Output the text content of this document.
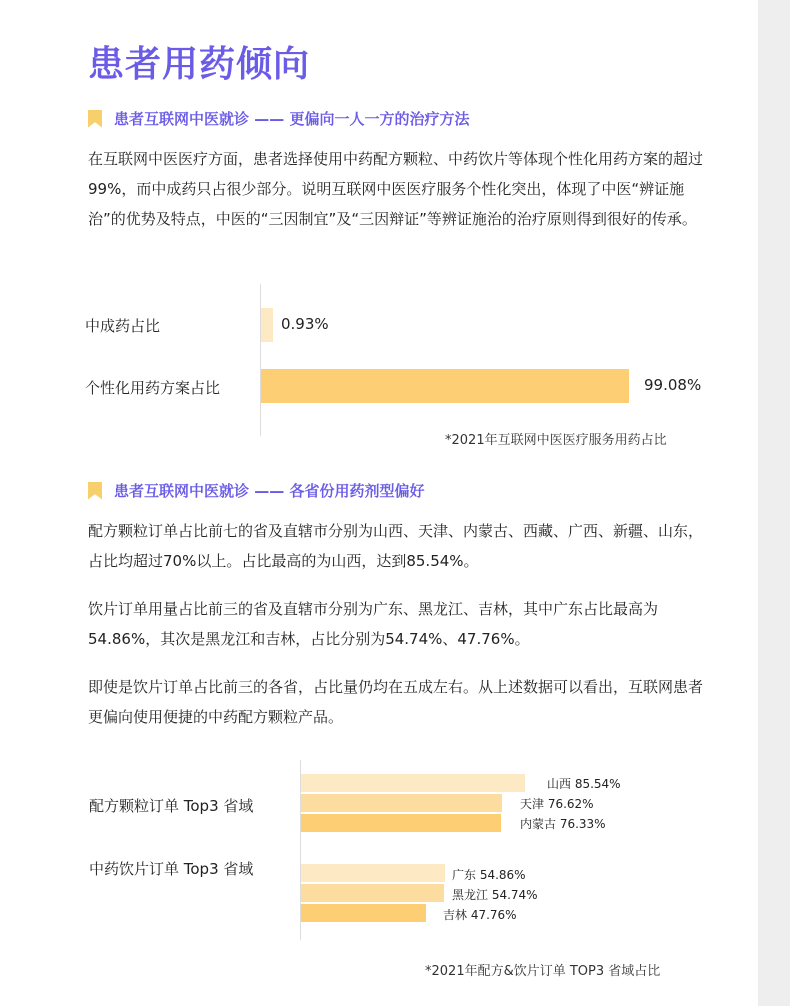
患者用药倾向
患者互联网中医就诊 —— 更偏向一人一方的治疗方法
在互联网中医医疗方面，患者选择使用中药配方颗粒、中药饮片等体现个性化用药方案的超过99%，而中成药只占很少部分。说明互联网中医医疗服务个性化突出，体现了中医“辨证施治”的优势及特点，中医的“三因制宜”及“三因辩证”等辨证施治的治疗原则得到很好的传承。
中成药占比	0.93%
个性化用药方案占比	99.08%
*2021年互联网中医医疗服务用药占比
患者互联网中医就诊 —— 各省份用药剂型偏好
配方颗粒订单占比前七的省及直辖市分别为山西、天津、内蒙古、西藏、广西、新疆、山东，占比均超过70%以上。占比最高的为山西，达到85.54%。
饮片订单用量占比前三的省及直辖市分别为广东、黑龙江、吉林，其中广东占比最高为54.86%，其次是黑龙江和吉林，占比分别为54.74%、47.76%。
即使是饮片订单占比前三的各省，占比量仍均在五成左右。从上述数据可以看出，互联网患者更偏向使用便捷的中药配方颗粒产品。
配方颗粒订单 Top3 省域
中药饮片订单 Top3 省域
山西 85.54%
天津 76.62%
内蒙古 76.33%
广东 54.86%
黑龙江 54.74%
吉林 47.76%
*2021年配方&饮片订单 TOP3 省域占比
